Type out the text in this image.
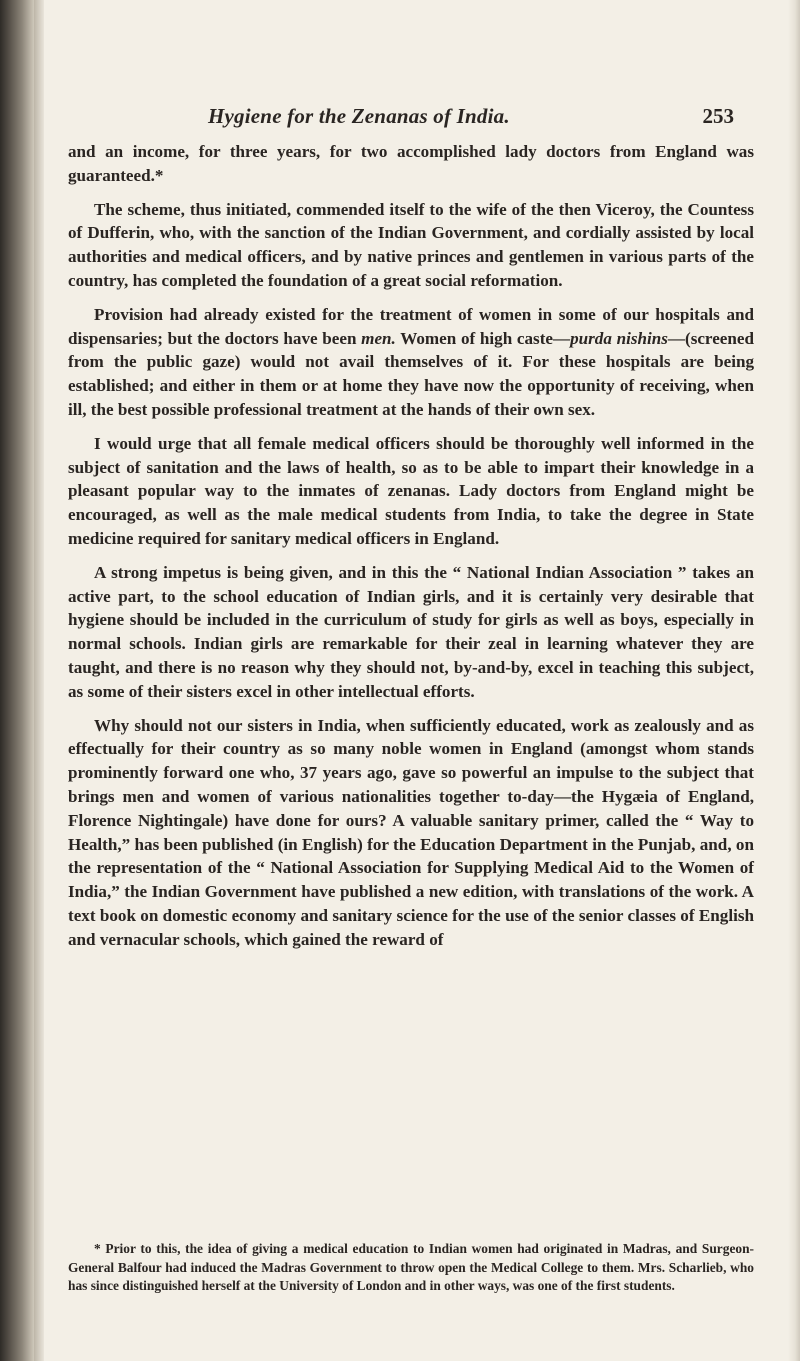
Hygiene for the Zenanas of India.	253

and an income, for three years, for two accomplished lady doctors from England was guaranteed.*

The scheme, thus initiated, commended itself to the wife of the then Viceroy, the Countess of Dufferin, who, with the sanction of the Indian Government, and cordially assisted by local authorities and medical officers, and by native princes and gentlemen in various parts of the country, has completed the foundation of a great social reformation.

Provision had already existed for the treatment of women in some of our hospitals and dispensaries; but the doctors have been men. Women of high caste—purda nishins—(screened from the public gaze) would not avail themselves of it. For these hospitals are being established; and either in them or at home they have now the opportunity of receiving, when ill, the best possible professional treatment at the hands of their own sex.

I would urge that all female medical officers should be thoroughly well informed in the subject of sanitation and the laws of health, so as to be able to impart their knowledge in a pleasant popular way to the inmates of zenanas. Lady doctors from England might be encouraged, as well as the male medical students from India, to take the degree in State medicine required for sanitary medical officers in England.

A strong impetus is being given, and in this the “ National Indian Association ” takes an active part, to the school education of Indian girls, and it is certainly very desirable that hygiene should be included in the curriculum of study for girls as well as boys, especially in normal schools. Indian girls are remarkable for their zeal in learning whatever they are taught, and there is no reason why they should not, by-and-by, excel in teaching this subject, as some of their sisters excel in other intellectual efforts.

Why should not our sisters in India, when sufficiently educated, work as zealously and as effectually for their country as so many noble women in England (amongst whom stands prominently forward one who, 37 years ago, gave so powerful an impulse to the subject that brings men and women of various nationalities together to-day—the Hygæia of England, Florence Nightingale) have done for ours? A valuable sanitary primer, called the “ Way to Health,” has been published (in English) for the Education Department in the Punjab, and, on the representation of the “ National Association for Supplying Medical Aid to the Women of India,” the Indian Government have published a new edition, with translations of the work. A text book on domestic economy and sanitary science for the use of the senior classes of English and vernacular schools, which gained the reward of

* Prior to this, the idea of giving a medical education to Indian women had originated in Madras, and Surgeon-General Balfour had induced the Madras Government to throw open the Medical College to them. Mrs. Scharlieb, who has since distinguished herself at the University of London and in other ways, was one of the first students.
